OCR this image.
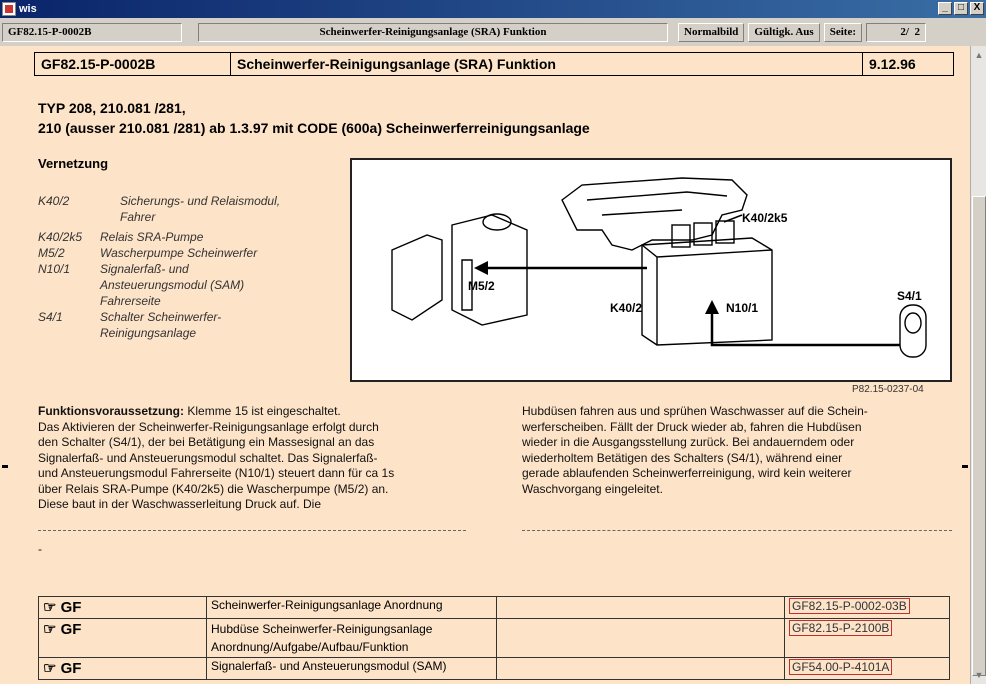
wis	_	□ X
GF82.15-P-0002B	Scheinwerfer-Reinigungsanlage (SRA) Funktion	Normalbild	Gültigk. Aus	Seite:	2/  2
GF82.15-P-0002B	Scheinwerfer-Reinigungsanlage (SRA) Funktion	9.12.96
TYP 208, 210.081 /281,
210 (ausser 210.081 /281) ab 1.3.97 mit CODE (600a) Scheinwerferreinigungsanlage
Vernetzung
K40/2	Sicherungs- und Relaismodul, Fahrer
K40/2k5	Relais SRA-Pumpe
M5/2	Wascherpumpe Scheinwerfer
N10/1	Signalerfaß- und Ansteuerungsmodul (SAM) Fahrerseite
S4/1	Schalter Scheinwerfer-Reinigungsanlage
K40/2k5
M5/2
K40/2	N10/1
S4/1
P82.15-0237-04
Funktionsvoraussetzung: Klemme 15 ist eingeschaltet.
Das Aktivieren der Scheinwerfer-Reinigungsanlage erfolgt durch
den Schalter (S4/1), der bei Betätigung ein Massesignal an das
Signalerfaß- und Ansteuerungsmodul schaltet. Das Signalerfaß-
und Ansteuerungsmodul Fahrerseite (N10/1) steuert dann für ca 1s
über Relais SRA-Pumpe (K40/2k5) die Wascherpumpe (M5/2) an.
Diese baut in der Waschwasserleitung Druck auf. Die
Hubdüsen fahren aus und sprühen Waschwasser auf die Schein-
werferscheiben. Fällt der Druck wieder ab, fahren die Hubdüsen
wieder in die Ausgangsstellung zurück. Bei andauerndem oder
wiederholtem Betätigen des Schalters (S4/1), während einer
gerade ablaufenden Scheinwerferreinigung, wird kein weiterer
Waschvorgang eingeleitet.
-
☞ GF	Scheinwerfer-Reinigungsanlage Anordnung		GF82.15-P-0002-03B
☞ GF	Hubdüse Scheinwerfer-Reinigungsanlage Anordnung/Aufgabe/Aufbau/Funktion		GF82.15-P-2100B
☞ GF	Signalerfaß- und Ansteuerungsmodul (SAM)		GF54.00-P-4101A
▲
▼
